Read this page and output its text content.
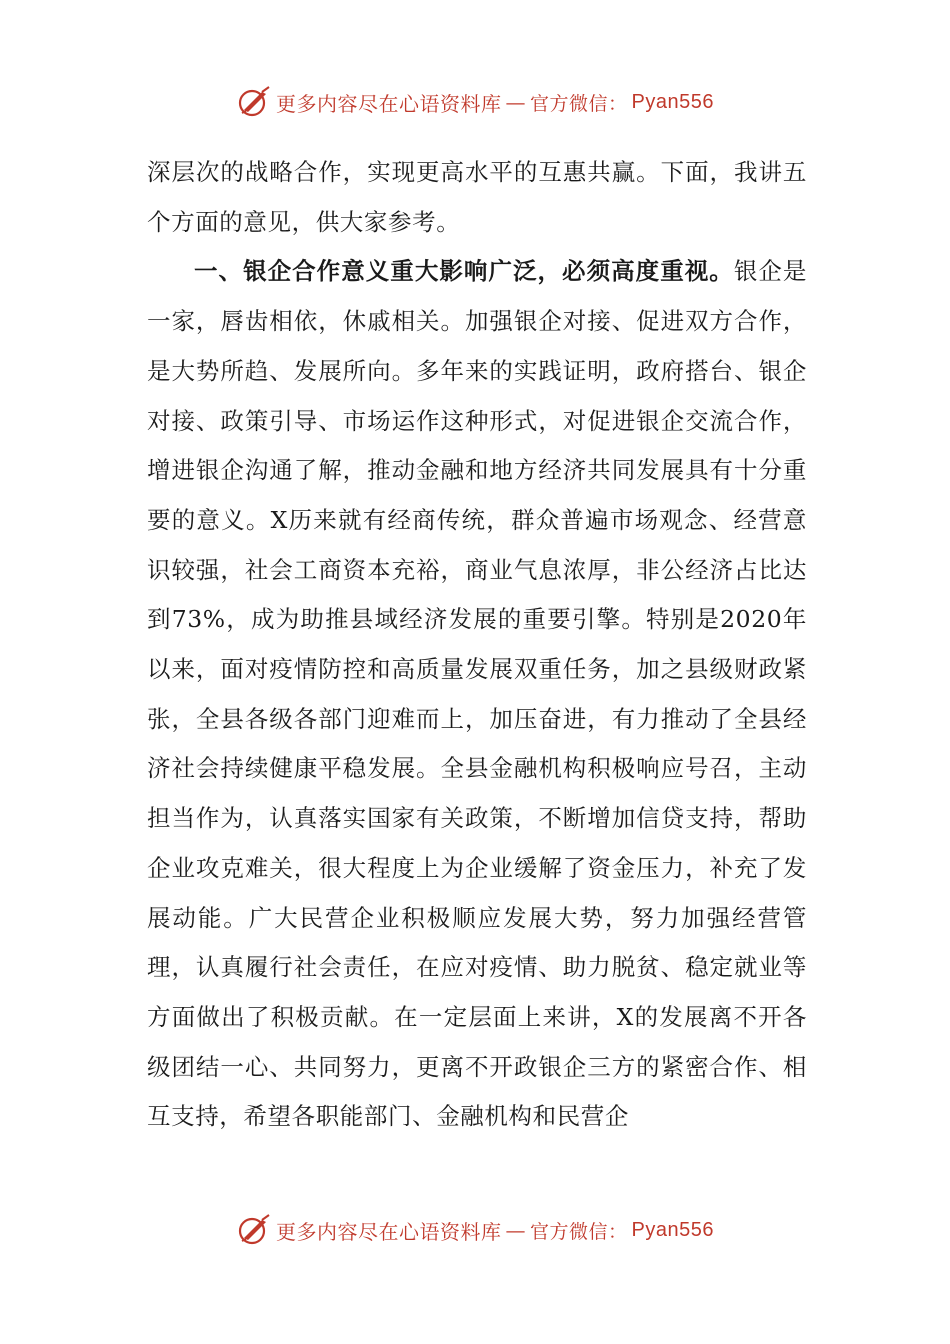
更多内容尽在心语资料库 — 官方微信： Pyan556

深层次的战略合作，实现更高水平的互惠共赢。下面，我讲五个方面的意见，供大家参考。

一、银企合作意义重大影响广泛，必须高度重视。银企是一家，唇齿相依，休戚相关。加强银企对接、促进双方合作，是大势所趋、发展所向。多年来的实践证明，政府搭台、银企对接、政策引导、市场运作这种形式，对促进银企交流合作，增进银企沟通了解，推动金融和地方经济共同发展具有十分重要的意义。X历来就有经商传统，群众普遍市场观念、经营意识较强，社会工商资本充裕，商业气息浓厚，非公经济占比达到73%，成为助推县域经济发展的重要引擎。特别是2020年以来，面对疫情防控和高质量发展双重任务，加之县级财政紧张，全县各级各部门迎难而上，加压奋进，有力推动了全县经济社会持续健康平稳发展。全县金融机构积极响应号召，主动担当作为，认真落实国家有关政策，不断增加信贷支持，帮助企业攻克难关，很大程度上为企业缓解了资金压力，补充了发展动能。广大民营企业积极顺应发展大势，努力加强经营管理，认真履行社会责任，在应对疫情、助力脱贫、稳定就业等方面做出了积极贡献。在一定层面上来讲，X的发展离不开各级团结一心、共同努力，更离不开政银企三方的紧密合作、相互支持，希望各职能部门、金融机构和民营企

更多内容尽在心语资料库 — 官方微信： Pyan556
